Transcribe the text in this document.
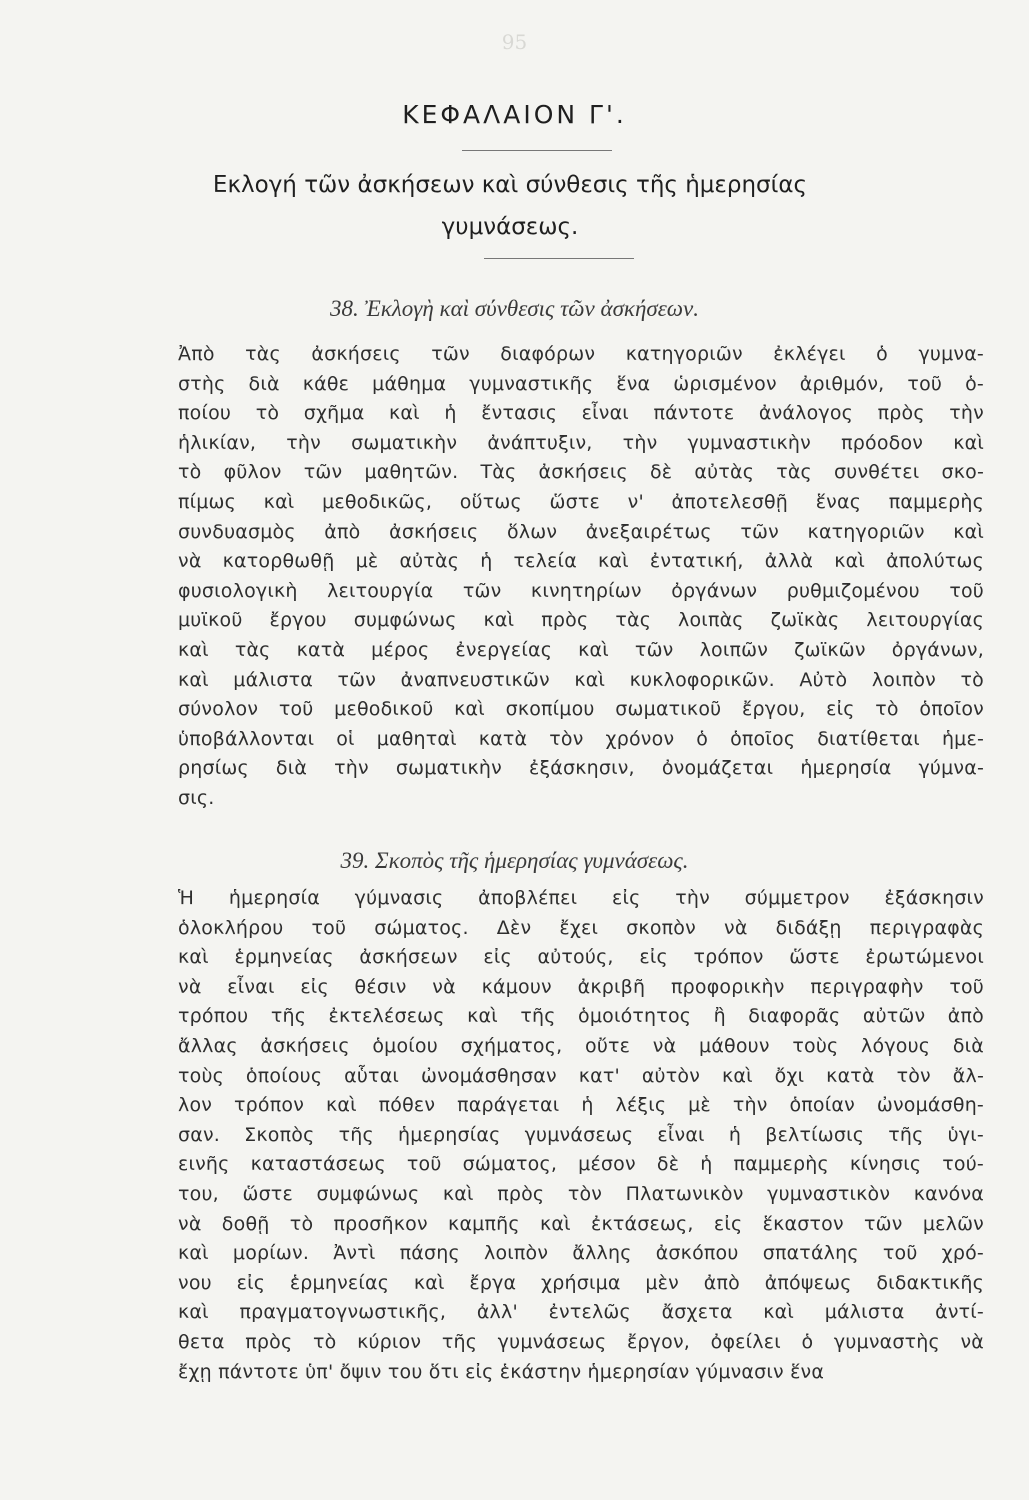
95
ΚΕΦΑΛΑΙΟΝ Γ'.
Εκλογή τῶν ἀσκήσεων καὶ σύνθεσις τῆς ἡμερησίας
γυμνάσεως.
38. Ἐκλογὴ καὶ σύνθεσις τῶν ἀσκήσεων.
Ἀπὸ τὰς ἀσκήσεις τῶν διαφόρων κατηγοριῶν ἐκλέγει ὁ γυμνα-
στὴς διὰ κάθε μάθημα γυμναστικῆς ἕνα ὡρισμένον ἀριθμόν, τοῦ ὁ-
ποίου τὸ σχῆμα καὶ ἡ ἔντασις εἶναι πάντοτε ἀνάλογος πρὸς τὴν
ἡλικίαν, τὴν σωματικὴν ἀνάπτυξιν, τὴν γυμναστικὴν πρόοδον καὶ
τὸ φῦλον τῶν μαθητῶν. Τὰς ἀσκήσεις δὲ αὐτὰς τὰς συνθέτει σκο-
πίμως καὶ μεθοδικῶς, οὕτως ὥστε ν' ἀποτελεσθῇ ἕνας παμμερὴς
συνδυασμὸς ἀπὸ ἀσκήσεις ὅλων ἀνεξαιρέτως τῶν κατηγοριῶν καὶ
νὰ κατορθωθῇ μὲ αὐτὰς ἡ τελεία καὶ ἐντατική, ἀλλὰ καὶ ἀπολύτως
φυσιολογικὴ λειτουργία τῶν κινητηρίων ὀργάνων ρυθμιζομένου τοῦ
μυϊκοῦ ἔργου συμφώνως καὶ πρὸς τὰς λοιπὰς ζωϊκὰς λειτουργίας
καὶ τὰς κατὰ μέρος ἐνεργείας καὶ τῶν λοιπῶν ζωϊκῶν ὀργάνων,
καὶ μάλιστα τῶν ἀναπνευστικῶν καὶ κυκλοφορικῶν. Αὐτὸ λοιπὸν τὸ
σύνολον τοῦ μεθοδικοῦ καὶ σκοπίμου σωματικοῦ ἔργου, εἰς τὸ ὁποῖον
ὑποβάλλονται οἱ μαθηταὶ κατὰ τὸν χρόνον ὁ ὁποῖος διατίθεται ἡμε-
ρησίως διὰ τὴν σωματικὴν ἐξάσκησιν, ὀνομάζεται ἡμερησία γύμνα-
σις.
39. Σκοπὸς τῆς ἡμερησίας γυμνάσεως.
Ἡ ἡμερησία γύμνασις ἀποβλέπει εἰς τὴν σύμμετρον ἐξάσκησιν
ὁλοκλήρου τοῦ σώματος. Δὲν ἔχει σκοπὸν νὰ διδάξῃ περιγραφὰς
καὶ ἑρμηνείας ἀσκήσεων εἰς αὐτούς, εἰς τρόπον ὥστε ἐρωτώμενοι
νὰ εἶναι εἰς θέσιν νὰ κάμουν ἀκριβῆ προφορικὴν περιγραφὴν τοῦ
τρόπου τῆς ἐκτελέσεως καὶ τῆς ὁμοιότητος ἢ διαφορᾶς αὐτῶν ἀπὸ
ἄλλας ἀσκήσεις ὁμοίου σχήματος, οὔτε νὰ μάθουν τοὺς λόγους διὰ
τοὺς ὁποίους αὗται ὠνομάσθησαν κατ' αὐτὸν καὶ ὄχι κατὰ τὸν ἄλ-
λον τρόπον καὶ πόθεν παράγεται ἡ λέξις μὲ τὴν ὁποίαν ὠνομάσθη-
σαν. Σκοπὸς τῆς ἡμερησίας γυμνάσεως εἶναι ἡ βελτίωσις τῆς ὑγι-
εινῆς καταστάσεως τοῦ σώματος, μέσον δὲ ἡ παμμερὴς κίνησις τού-
του, ὥστε συμφώνως καὶ πρὸς τὸν Πλατωνικὸν γυμναστικὸν κανόνα
νὰ δοθῇ τὸ προσῆκον καμπῆς καὶ ἐκτάσεως, εἰς ἕκαστον τῶν μελῶν
καὶ μορίων. Ἀντὶ πάσης λοιπὸν ἄλλης ἀσκόπου σπατάλης τοῦ χρό-
νου εἰς ἑρμηνείας καὶ ἔργα χρήσιμα μὲν ἀπὸ ἀπόψεως διδακτικῆς
καὶ πραγματογνωστικῆς, ἀλλ' ἐντελῶς ἄσχετα καὶ μάλιστα ἀντί-
θετα πρὸς τὸ κύριον τῆς γυμνάσεως ἔργον, ὀφείλει ὁ γυμναστὴς νὰ
ἔχῃ πάντοτε ὑπ' ὄψιν του ὅτι εἰς ἑκάστην ἡμερησίαν γύμνασιν ἕνα
